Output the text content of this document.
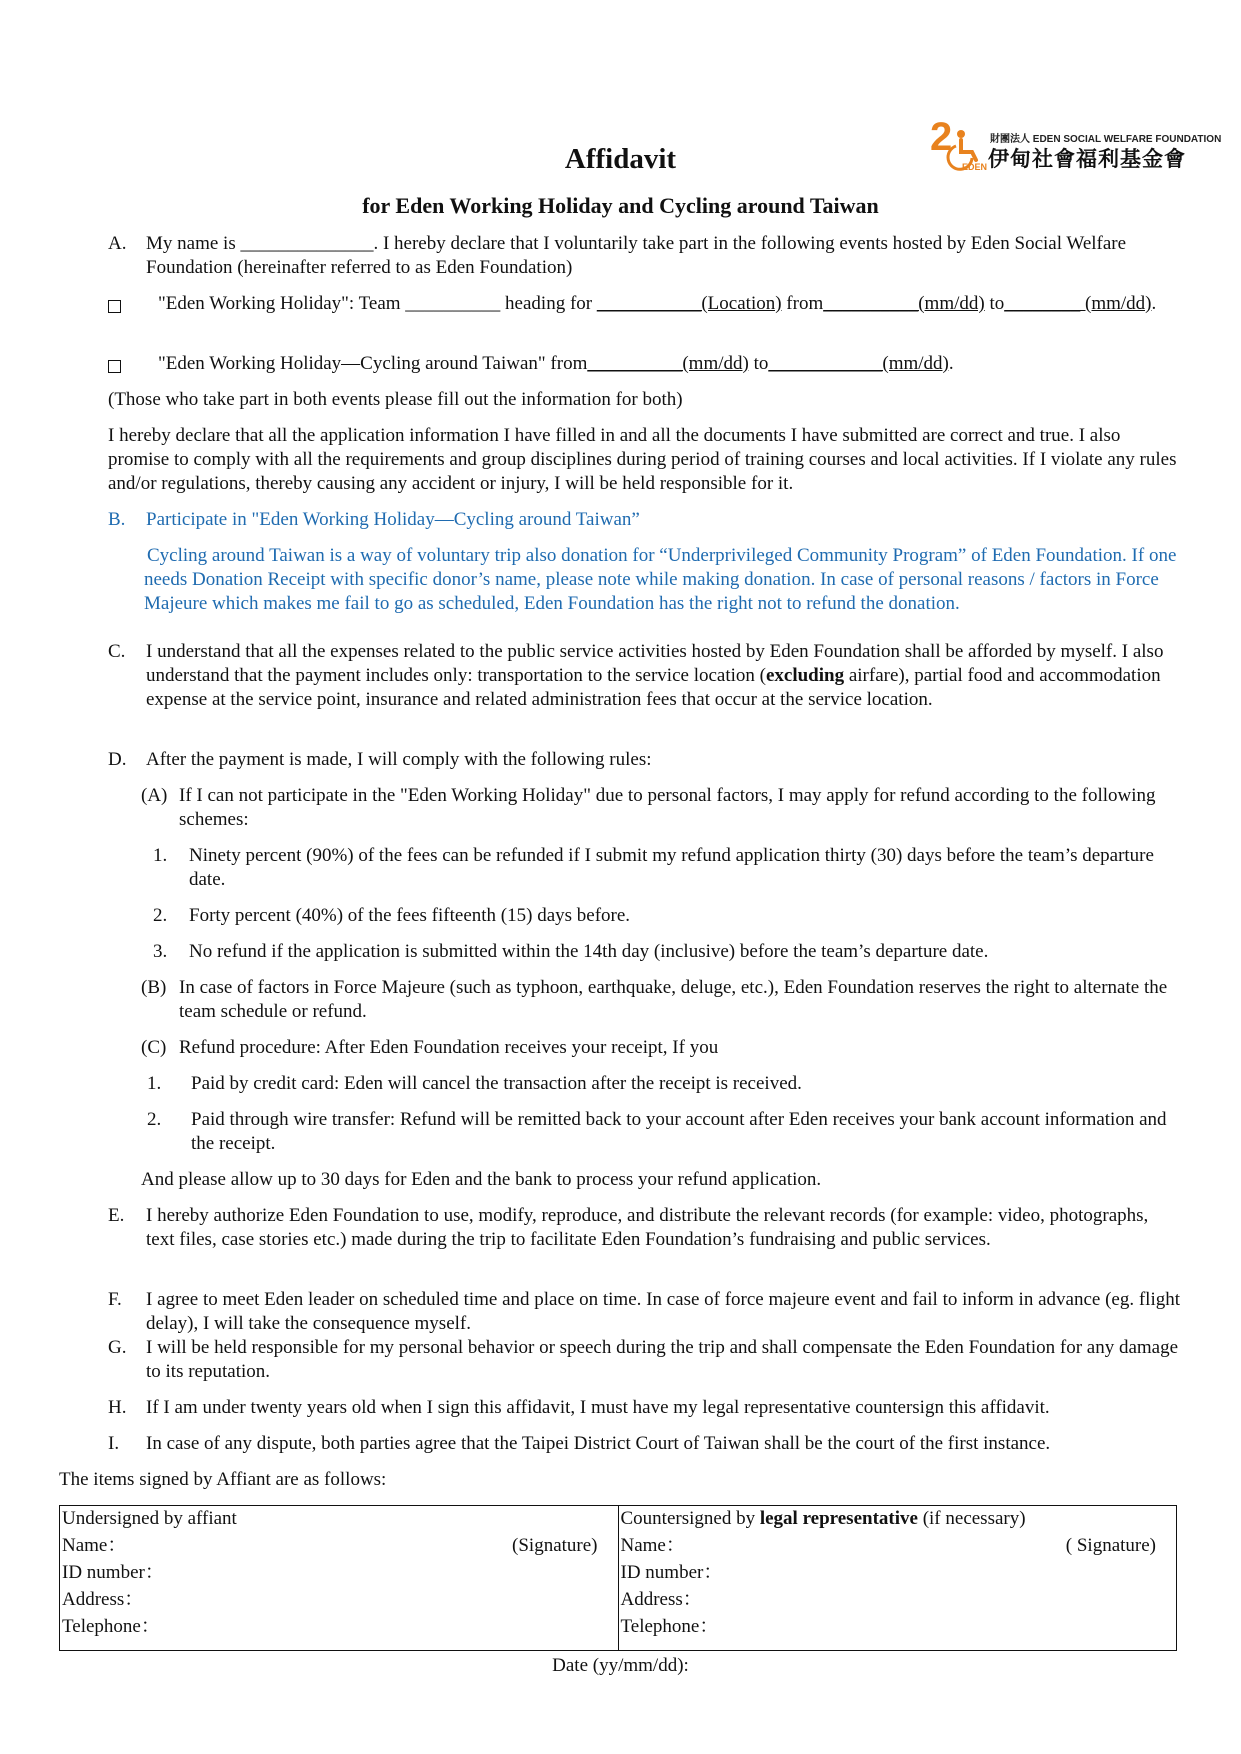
2
EDEN
財團法人 EDEN SOCIAL WELFARE FOUNDATION
伊甸社會福利基金會
Affidavit
for Eden Working Holiday and Cycling around Taiwan
A.	My name is ______________. I hereby declare that I voluntarily take part in the following events hosted by Eden Social Welfare Foundation (hereinafter referred to as Eden Foundation)
"Eden Working Holiday": Team __________ heading for ___________(Location) from__________(mm/dd) to________ (mm/dd).
"Eden Working Holiday—Cycling around Taiwan" from__________(mm/dd) to____________(mm/dd).
(Those who take part in both events please fill out the information for both)
I hereby declare that all the application information I have filled in and all the documents I have submitted are correct and true. I also promise to comply with all the requirements and group disciplines during period of training courses and local activities. If I violate any rules and/or regulations, thereby causing any accident or injury, I will be held responsible for it.
B.	Participate in "Eden Working Holiday—Cycling around Taiwan”
Cycling around Taiwan is a way of voluntary trip also donation for “Underprivileged Community Program” of Eden Foundation. If one needs Donation Receipt with specific donor’s name, please note while making donation. In case of personal reasons / factors in Force Majeure which makes me fail to go as scheduled, Eden Foundation has the right not to refund the donation.
C.	I understand that all the expenses related to the public service activities hosted by Eden Foundation shall be afforded by myself. I also understand that the payment includes only: transportation to the service location (excluding airfare), partial food and accommodation expense at the service point, insurance and related administration fees that occur at the service location.
D.	After the payment is made, I will comply with the following rules:
(A) If I can not participate in the "Eden Working Holiday" due to personal factors, I may apply for refund according to the following schemes:
1.	Ninety percent (90%) of the fees can be refunded if I submit my refund application thirty (30) days before the team’s departure date.
2.	Forty percent (40%) of the fees fifteenth (15) days before.
3.	No refund if the application is submitted within the 14th day (inclusive) before the team’s departure date.
(B) In case of factors in Force Majeure (such as typhoon, earthquake, deluge, etc.), Eden Foundation reserves the right to alternate the team schedule or refund.
(C) Refund procedure: After Eden Foundation receives your receipt, If you
1.	Paid by credit card: Eden will cancel the transaction after the receipt is received.
2.	Paid through wire transfer: Refund will be remitted back to your account after Eden receives your bank account information and the receipt.
And please allow up to 30 days for Eden and the bank to process your refund application.
E.	I hereby authorize Eden Foundation to use, modify, reproduce, and distribute the relevant records (for example: video, photographs, text files, case stories etc.) made during the trip to facilitate Eden Foundation’s fundraising and public services.
F.	I agree to meet Eden leader on scheduled time and place on time. In case of force majeure event and fail to inform in advance (eg. flight delay), I will take the consequence myself.
G.	I will be held responsible for my personal behavior or speech during the trip and shall compensate the Eden Foundation for any damage to its reputation.
H.	If I am under twenty years old when I sign this affidavit, I must have my legal representative countersign this affidavit.
I.	In case of any dispute, both parties agree that the Taipei District Court of Taiwan shall be the court of the first instance.
The items signed by Affiant are as follows:
Undersigned by affiant
Name：	(Signature)
ID number：
Address：
Telephone：

Countersigned by legal representative (if necessary)
Name：	( Signature)
ID number：
Address：
Telephone：
Date (yy/mm/dd):
